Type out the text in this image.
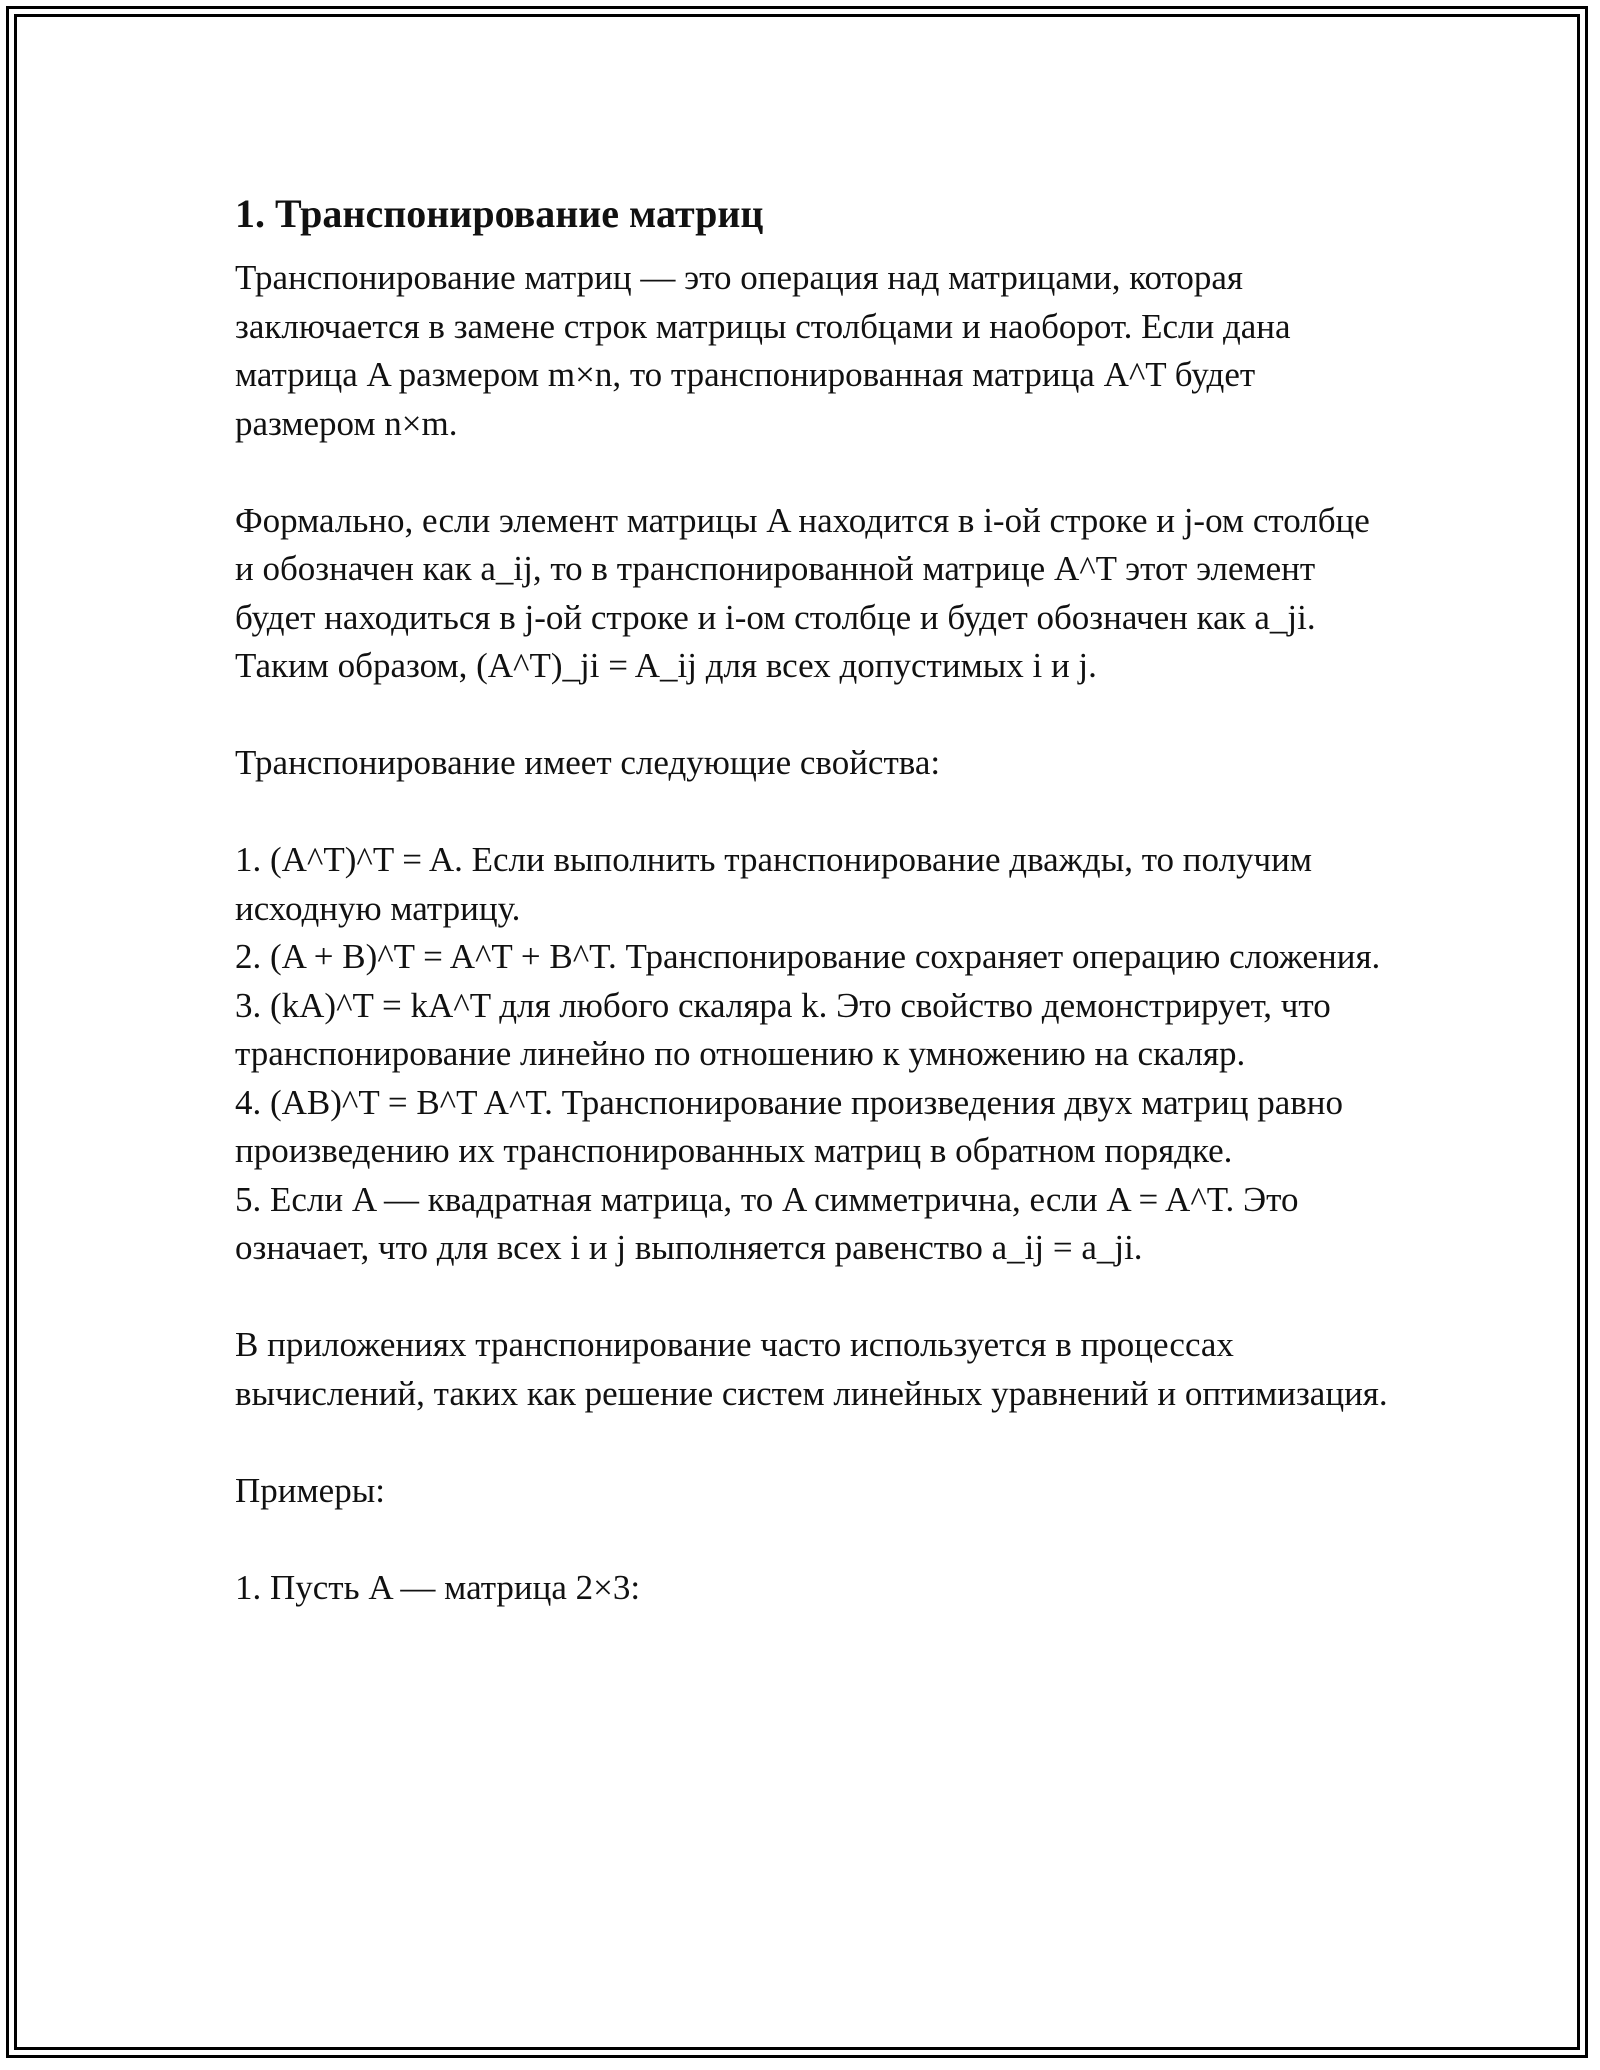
1. Транспонирование матриц

Транспонирование матриц — это операция над матрицами, которая заключается в замене строк матрицы столбцами и наоборот. Если дана матрица A размером m×n, то транспонированная матрица A^T будет размером n×m.

Формально, если элемент матрицы A находится в i-ой строке и j-ом столбце и обозначен как a_ij, то в транспонированной матрице A^T этот элемент будет находиться в j-ой строке и i-ом столбце и будет обозначен как a_ji. Таким образом, (A^T)_ji = A_ij для всех допустимых i и j.

Транспонирование имеет следующие свойства:

1. (A^T)^T = A. Если выполнить транспонирование дважды, то получим исходную матрицу.

2. (A + B)^T = A^T + B^T. Транспонирование сохраняет операцию сложения.

3. (kA)^T = kA^T для любого скаляра k. Это свойство демонстрирует, что транспонирование линейно по отношению к умножению на скаляр.

4. (AB)^T = B^T A^T. Транспонирование произведения двух матриц равно произведению их транспонированных матриц в обратном порядке.

5. Если A — квадратная матрица, то A симметрична, если A = A^T. Это означает, что для всех i и j выполняется равенство a_ij = a_ji.

В приложениях транспонирование часто используется в процессах вычислений, таких как решение систем линейных уравнений и оптимизация.

Примеры:

1. Пусть A — матрица 2×3:
